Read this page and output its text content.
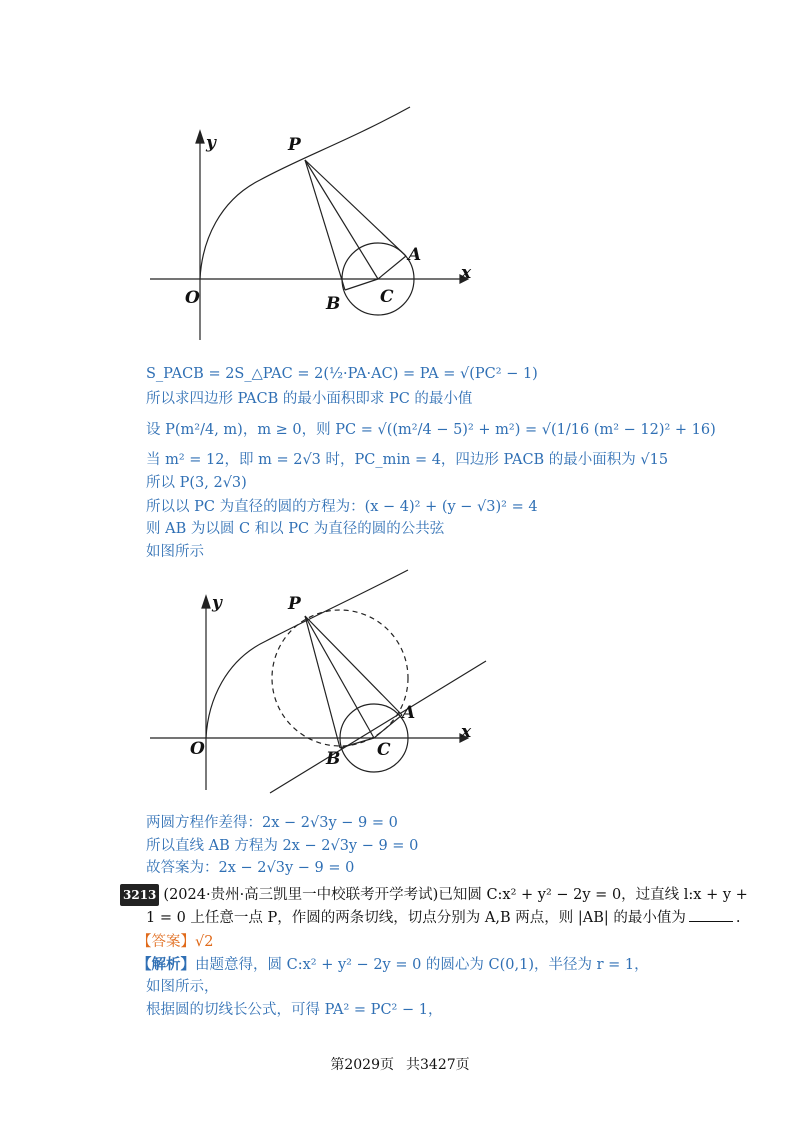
y
x
O
P
A
B C
S_PACB = 2S_△PAC = 2(½·PA·AC) = PA = √(PC² − 1)
所以求四边形 PACB 的最小面积即求 PC 的最小值
设 P(m²/4, m)，m ≥ 0，则 PC = √((m²/4 − 5)² + m²) = √(1/16 (m² − 12)² + 16)
当 m² = 12，即 m = 2√3 时，PC_min = 4，四边形 PACB 的最小面积为 √15
所以 P(3, 2√3)
所以以 PC 为直径的圆的方程为：(x − 4)² + (y − √3)² = 4
则 AB 为以圆 C 和以 PC 为直径的圆的公共弦
如图所示
y
x
O
P
A
B C
两圆方程作差得：2x − 2√3y − 9 = 0
所以直线 AB 方程为 2x − 2√3y − 9 = 0
故答案为：2x − 2√3y − 9 = 0
3213 (2024·贵州·高三凯里一中校联考开学考试)已知圆 C:x² + y² − 2y = 0，过直线 l:x + y +
1 = 0 上任意一点 P，作圆的两条切线，切点分别为 A,B 两点，则 |AB| 的最小值为	.
【答案】√2
【解析】由题意得，圆 C:x² + y² − 2y = 0 的圆心为 C(0,1)，半径为 r = 1，
如图所示，
根据圆的切线长公式，可得 PA² = PC² − 1，
第2029页 共3427页
